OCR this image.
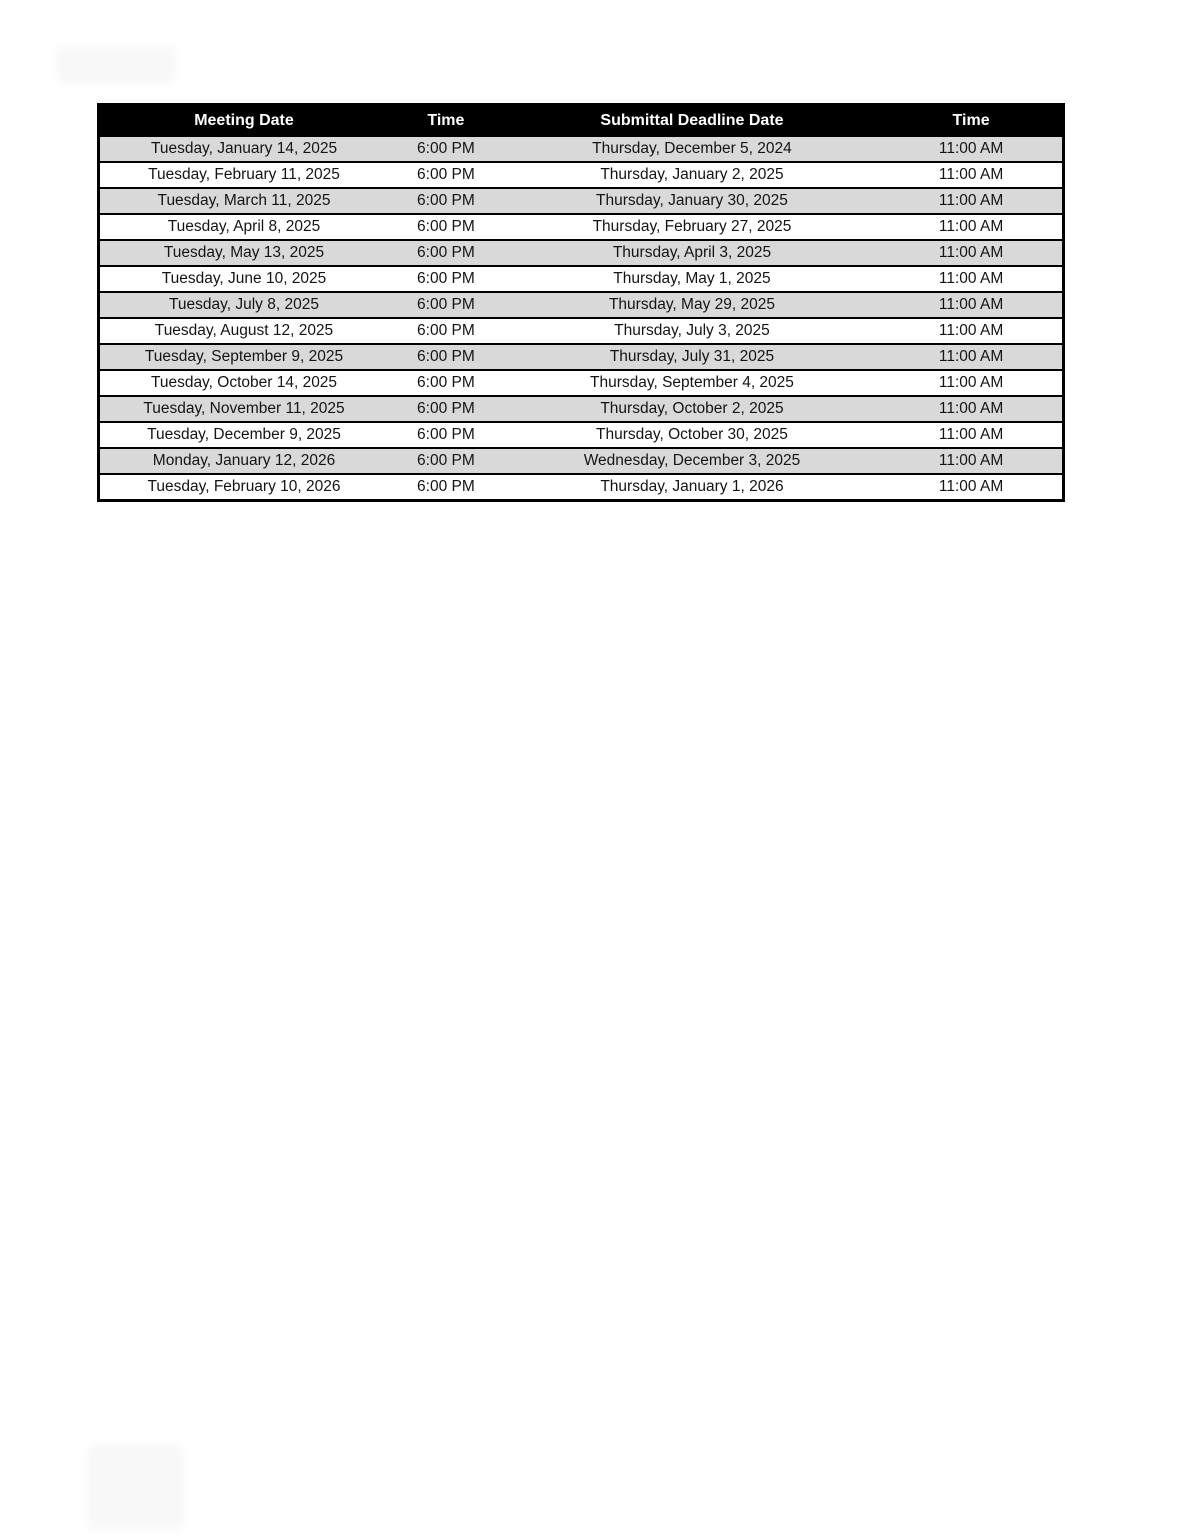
Meeting Date	Time	Submittal Deadline Date	Time
Tuesday, January 14, 2025	6:00 PM	Thursday, December 5, 2024	11:00 AM
Tuesday, February 11, 2025	6:00 PM	Thursday, January 2, 2025	11:00 AM
Tuesday, March 11, 2025	6:00 PM	Thursday, January 30, 2025	11:00 AM
Tuesday, April 8, 2025	6:00 PM	Thursday, February 27, 2025	11:00 AM
Tuesday, May 13, 2025	6:00 PM	Thursday, April 3, 2025	11:00 AM
Tuesday, June 10, 2025	6:00 PM	Thursday, May 1, 2025	11:00 AM
Tuesday, July 8, 2025	6:00 PM	Thursday, May 29, 2025	11:00 AM
Tuesday, August 12, 2025	6:00 PM	Thursday, July 3, 2025	11:00 AM
Tuesday, September 9, 2025	6:00 PM	Thursday, July 31, 2025	11:00 AM
Tuesday, October 14, 2025	6:00 PM	Thursday, September 4, 2025	11:00 AM
Tuesday, November 11, 2025	6:00 PM	Thursday, October 2, 2025	11:00 AM
Tuesday, December 9, 2025	6:00 PM	Thursday, October 30, 2025	11:00 AM
Monday, January 12, 2026	6:00 PM	Wednesday, December 3, 2025	11:00 AM
Tuesday, February 10, 2026	6:00 PM	Thursday, January 1, 2026	11:00 AM
